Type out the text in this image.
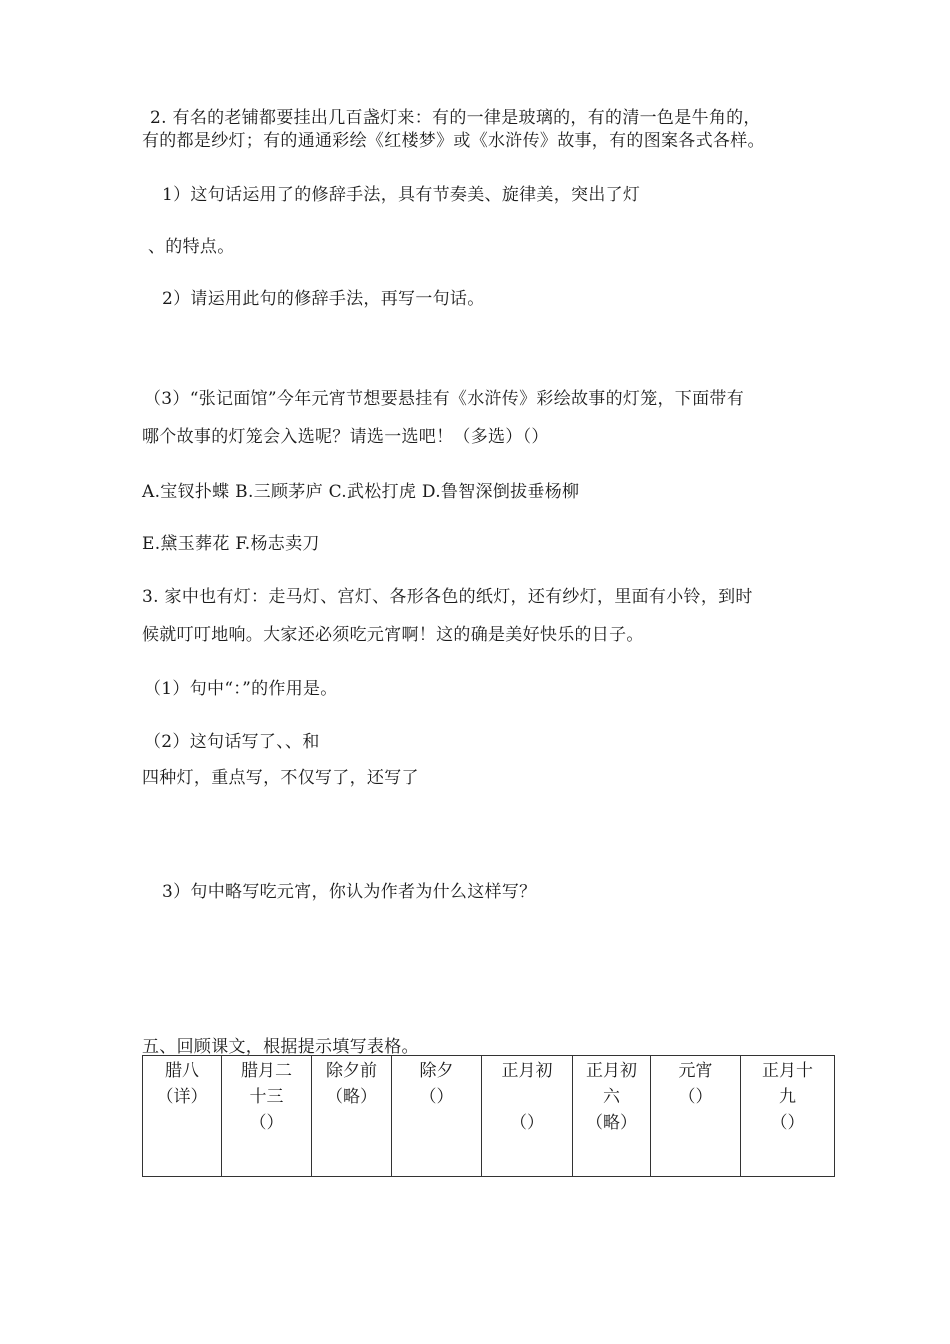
2. 有名的老铺都要挂出几百盏灯来：有的一律是玻璃的，有的清一色是牛角的，
有的都是纱灯；有的通通彩绘《红楼梦》或《水浒传》故事，有的图案各式各样。
1）这句话运用了的修辞手法，具有节奏美、旋律美，突出了灯
、的特点。
2）请运用此句的修辞手法，再写一句话。
（3）“张记面馆”今年元宵节想要悬挂有《水浒传》彩绘故事的灯笼，下面带有
哪个故事的灯笼会入选呢？请选一选吧！（多选）（）
A.宝钗扑蝶 B.三顾茅庐 C.武松打虎 D.鲁智深倒拔垂杨柳
E.黛玉葬花 F.杨志卖刀
3. 家中也有灯：走马灯、宫灯、各形各色的纸灯，还有纱灯，里面有小铃，到时
候就叮叮地响。大家还必须吃元宵啊！这的确是美好快乐的日子。
（1）句中“：”的作用是。
（2）这句话写了、、和
四种灯，重点写，不仅写了，还写了
3）句中略写吃元宵，你认为作者为什么这样写？
五、回顾课文，根据提示填写表格。
腊八
（详）

腊月二
十三
（）

除夕前
（略）

除夕
（）

正月初

（）

正月初
六
（略）

元宵
（）

正月十
九
（）
